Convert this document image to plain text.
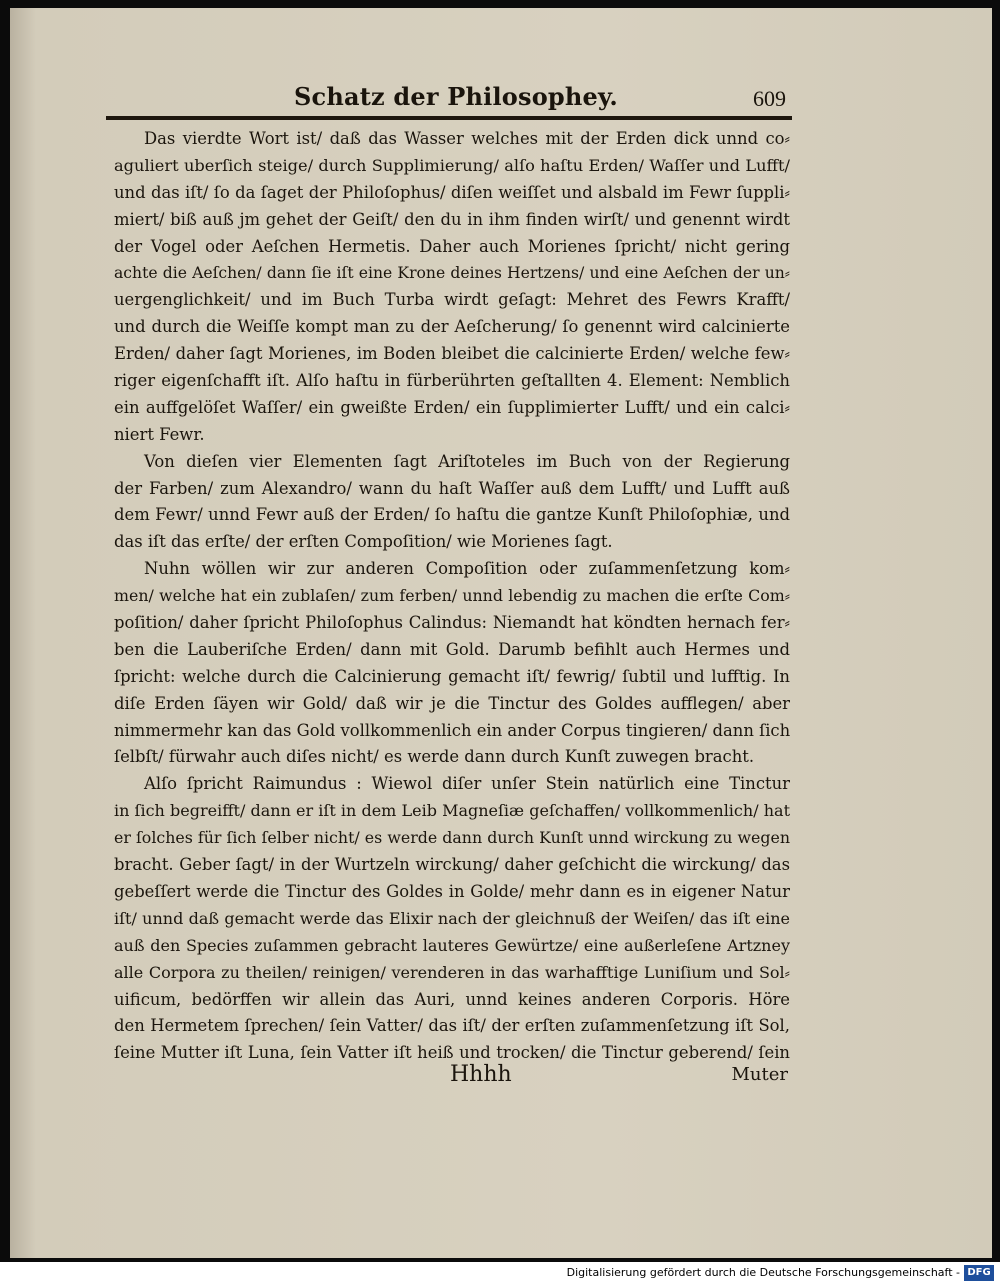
Schatz der Philosophey.	609
Das vierdte Wort ist/ daß das Wasser welches mit der Erden dick unnd co⸗
aguliert uberſich steige/ durch Supplimierung/ alſo haſtu Erden/ Waſſer und Lufft/
und das iſt/ ſo da ſaget der Philoſophus/ diſen weiſſet und alsbald im Fewr ſuppli⸗
miert/ biß auß jm gehet der Geiſt/ den du in ihm finden wirſt/ und genennt wirdt
der Vogel oder Aeſchen Hermetis. Daher auch Morienes ſpricht/ nicht gering
achte die Aeſchen/ dann ſie iſt eine Krone deines Hertzens/ und eine Aeſchen der un⸗
uergenglichkeit/ und im Buch Turba wirdt geſagt: Mehret des Fewrs Krafft/
und durch die Weiſſe kompt man zu der Aeſcherung/ ſo genennt wird calcinierte
Erden/ daher ſagt Morienes, im Boden bleibet die calcinierte Erden/ welche few⸗
riger eigenſchafft iſt. Alſo haſtu in fürberührten geſtallten 4. Element: Nemblich
ein auffgelöſet Waſſer/ ein gweißte Erden/ ein ſupplimierter Lufft/ und ein calci⸗
niert Fewr.
Von dieſen vier Elementen ſagt Ariſtoteles im Buch von der Regierung
der Farben/ zum Alexandro/ wann du haſt Waſſer auß dem Lufft/ und Lufft auß
dem Fewr/ unnd Fewr auß der Erden/ ſo haſtu die gantze Kunſt Philoſophiæ, und
das iſt das erſte/ der erſten Compoſition/ wie Morienes ſagt.
Nuhn wöllen wir zur anderen Compoſition oder zuſammenſetzung kom⸗
men/ welche hat ein zublaſen/ zum ferben/ unnd lebendig zu machen die erſte Com⸗
poſition/ daher ſpricht Philoſophus Calindus: Niemandt hat köndten hernach fer⸗
ben die Lauberiſche Erden/ dann mit Gold. Darumb befihlt auch Hermes und
ſpricht: welche durch die Calcinierung gemacht iſt/ fewrig/ ſubtil und lufftig. In
diſe Erden ſäyen wir Gold/ daß wir je die Tinctur des Goldes aufflegen/ aber
nimmermehr kan das Gold vollkommenlich ein ander Corpus tingieren/ dann ſich
ſelbſt/ fürwahr auch diſes nicht/ es werde dann durch Kunſt zuwegen bracht.
Alſo ſpricht Raimundus : Wiewol diſer unſer Stein natürlich eine Tinctur
in ſich begreifft/ dann er iſt in dem Leib Magneſiæ geſchaffen/ vollkommenlich/ hat
er ſolches für ſich ſelber nicht/ es werde dann durch Kunſt unnd wirckung zu wegen
bracht. Geber ſagt/ in der Wurtzeln wirckung/ daher geſchicht die wirckung/ das
gebeſſert werde die Tinctur des Goldes in Golde/ mehr dann es in eigener Natur
iſt/ unnd daß gemacht werde das Elixir nach der gleichnuß der Weiſen/ das iſt eine
auß den Species zuſammen gebracht lauteres Gewürtze/ eine außerleſene Artzney
alle Corpora zu theilen/ reinigen/ verenderen in das warhafftige Luniſium und Sol⸗
uificum, bedörffen wir allein das Auri, unnd keines anderen Corporis. Höre
den Hermetem ſprechen/ ſein Vatter/ das iſt/ der erſten zuſammenſetzung iſt Sol,
ſeine Mutter iſt Luna, ſein Vatter iſt heiß und trocken/ die Tinctur geberend/ ſein
Hhhh	Muter
Digitalisierung gefördert durch die Deutsche Forschungsgemeinschaft - DFG
